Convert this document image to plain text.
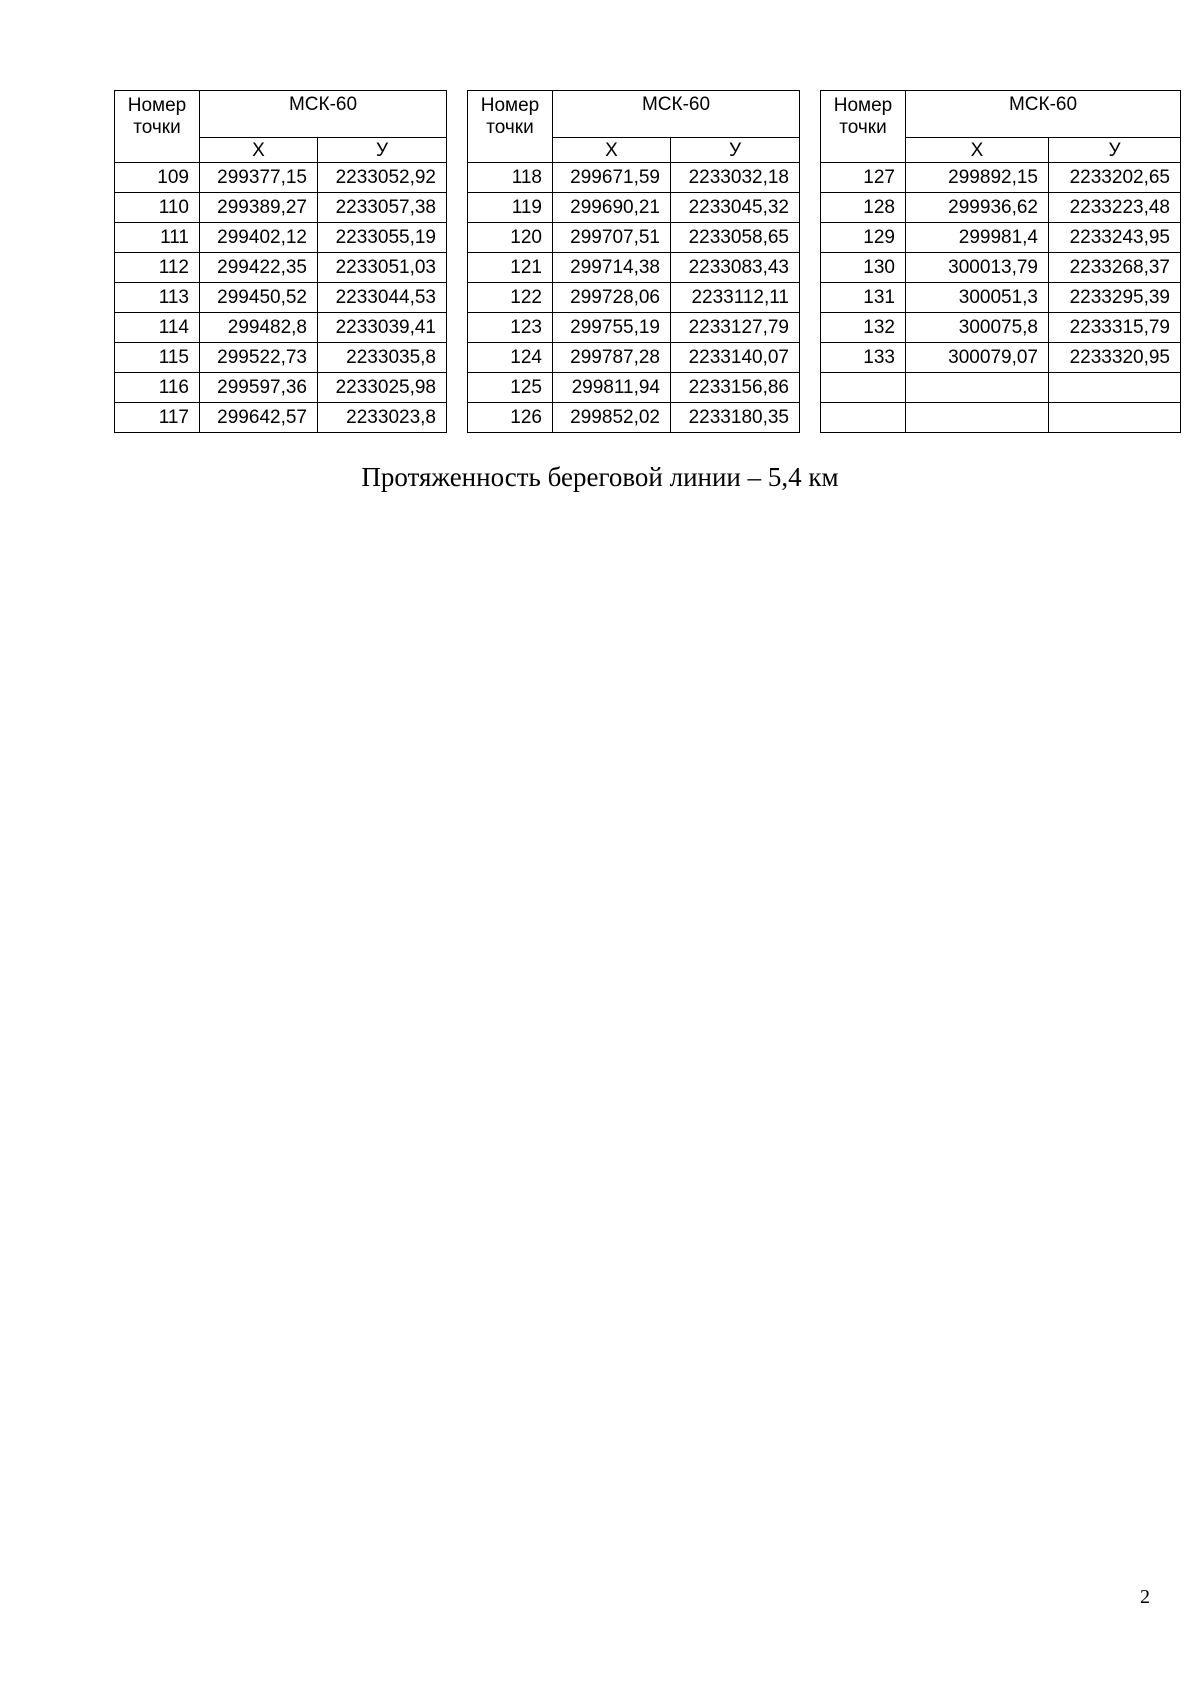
Номер точки	МСК-60	
	X	У
109	299377,15	2233052,92
110	299389,27	2233057,38
111	299402,12	2233055,19
112	299422,35	2233051,03
113	299450,52	2233044,53
114	299482,8	2233039,41
115	299522,73	2233035,8
116	299597,36	2233025,98
117	299642,57	2233023,8
Номер точки	МСК-60	
	X	У
118	299671,59	2233032,18
119	299690,21	2233045,32
120	299707,51	2233058,65
121	299714,38	2233083,43
122	299728,06	2233112,11
123	299755,19	2233127,79
124	299787,28	2233140,07
125	299811,94	2233156,86
126	299852,02	2233180,35
Номер точки	МСК-60	
	X	У
127	299892,15	2233202,65
128	299936,62	2233223,48
129	299981,4	2233243,95
130	300013,79	2233268,37
131	300051,3	2233295,39
132	300075,8	2233315,79
133	300079,07	2233320,95

Протяженность береговой линии – 5,4 км
2
